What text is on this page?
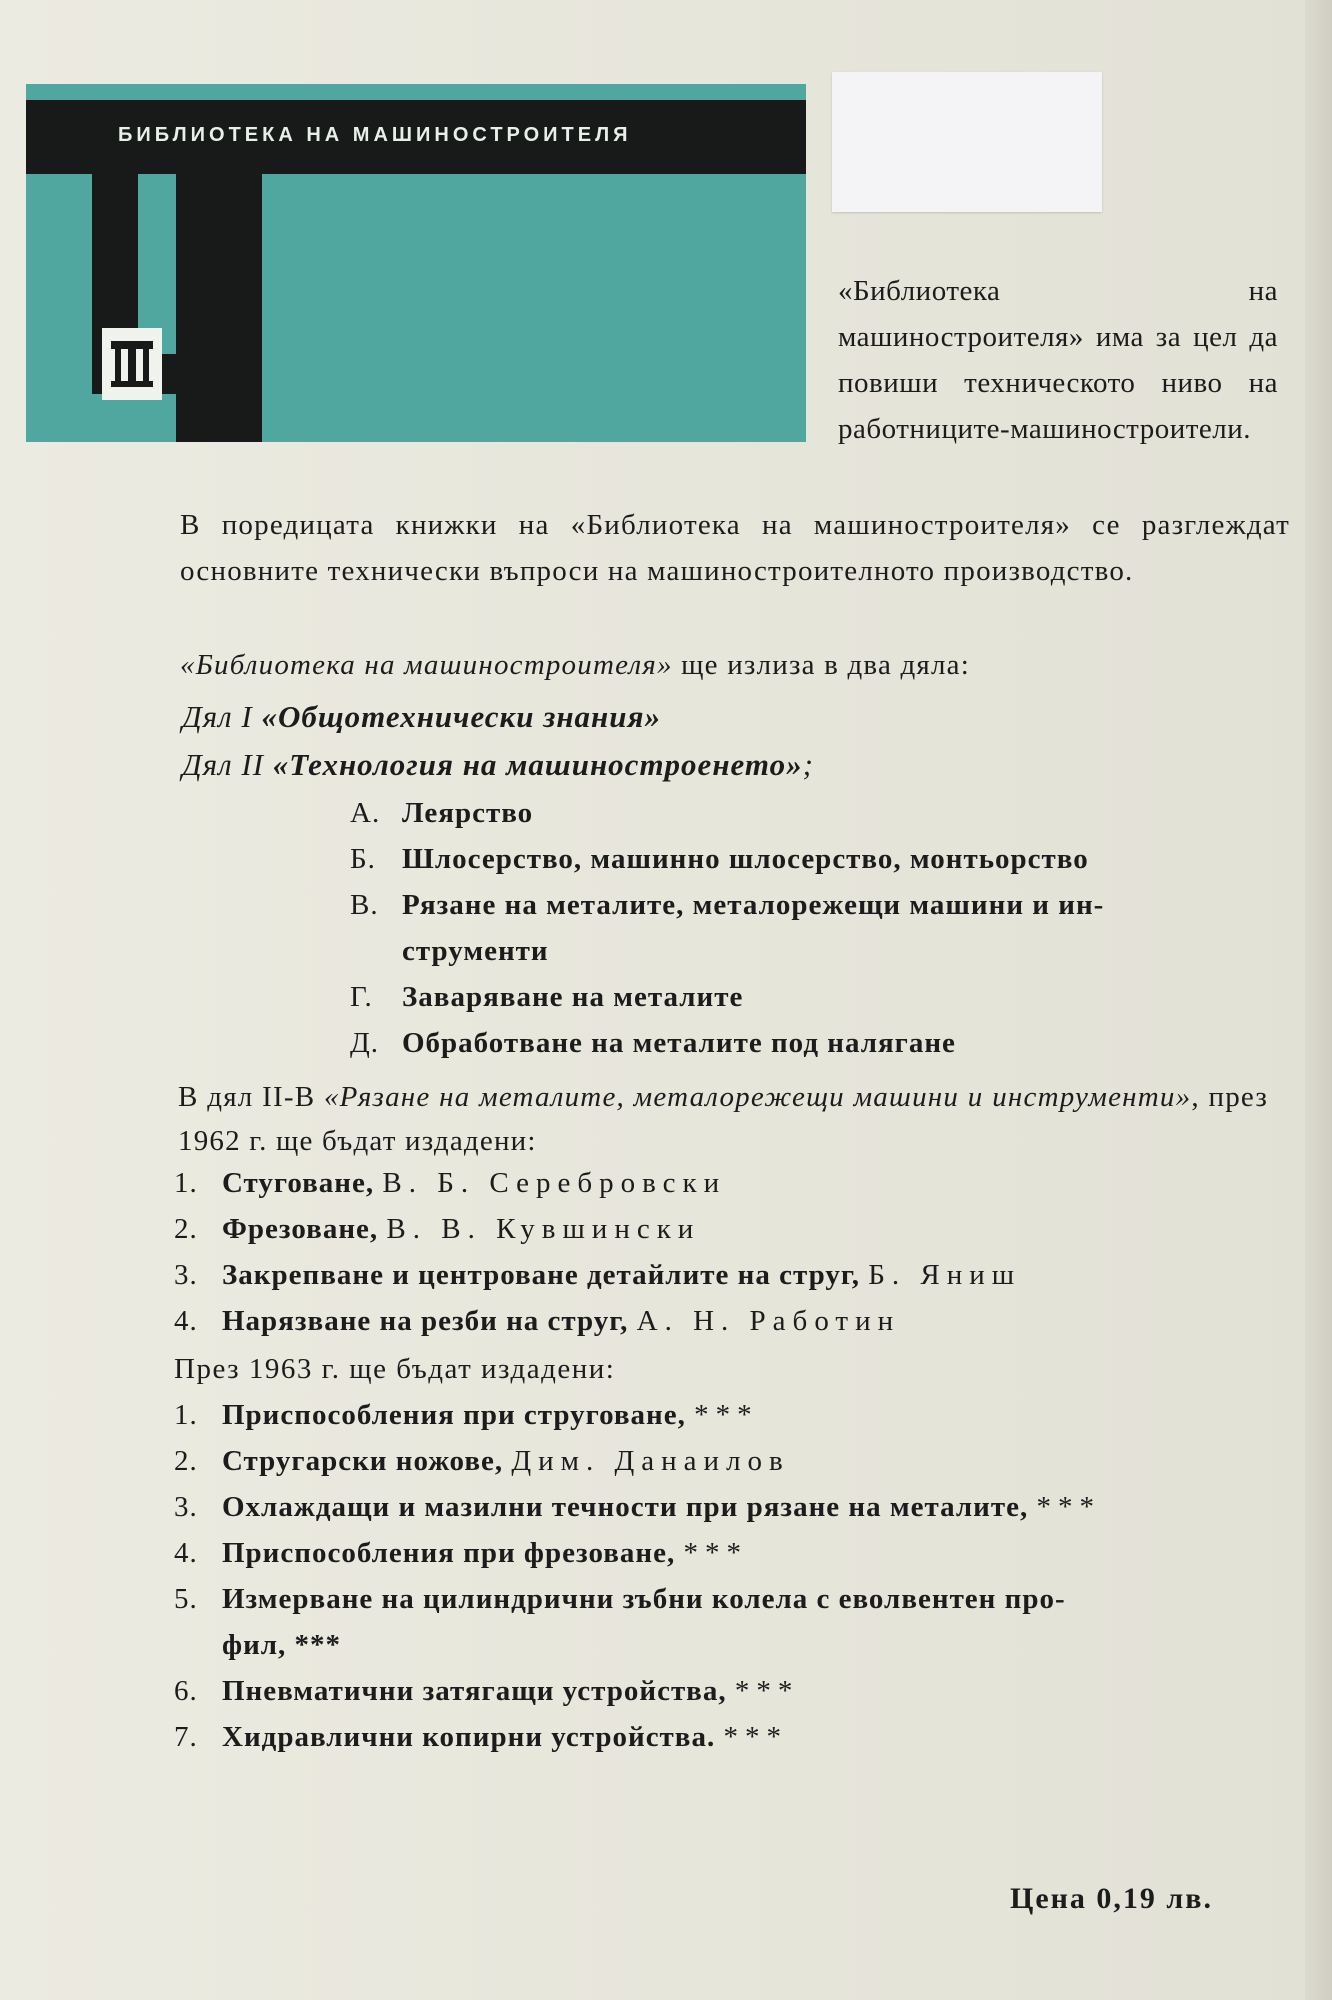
БИБЛИОТЕКА НА МАШИНОСТРОИТЕЛЯ
«Библиотека на машиностроителя» има за цел да повиши техническото ниво на работниците-машиностроители.
В поредицата книжки на «Библиотека на машиностроителя» се разглеждат основните технически въпроси на машиностроителното производство.
«Библиотека на машиностроителя» ще излиза в два дяла:
Дял I «Общотехнически знания»
Дял II «Технология на машиностроенето»;
А. Леярство
Б. Шлосерство, машинно шлосерство, монтьорство
В. Рязане на металите, металорежещи машини и ин-
струменти
Г.	Заваряване на металите
Д. Обработване на металите под налягане
В дял II-В «Рязане на металите, металорежещи машини и инструменти», през 1962 г. ще бъдат издадени:
1. Стуговане, В. Б. Серебровски
2. Фрезоване, В. В. Кувшински
3. Закрепване и центроване детайлите на струг, Б. Яниш
4. Нарязване на резби на струг, А. Н. Работин
През 1963 г. ще бъдат издадени:
1. Приспособления при струговане, ***
2. Стругарски ножове, Дим. Данаилов
3. Охлаждащи и мазилни течности при рязане на металите, ***
4. Приспособления при фрезоване, ***
5. Измерване на цилиндрични зъбни колела с еволвентен про-
фил, ***
6. Пневматични затягащи устройства, ***
7. Хидравлични копирни устройства. ***
Цена 0,19 лв.
